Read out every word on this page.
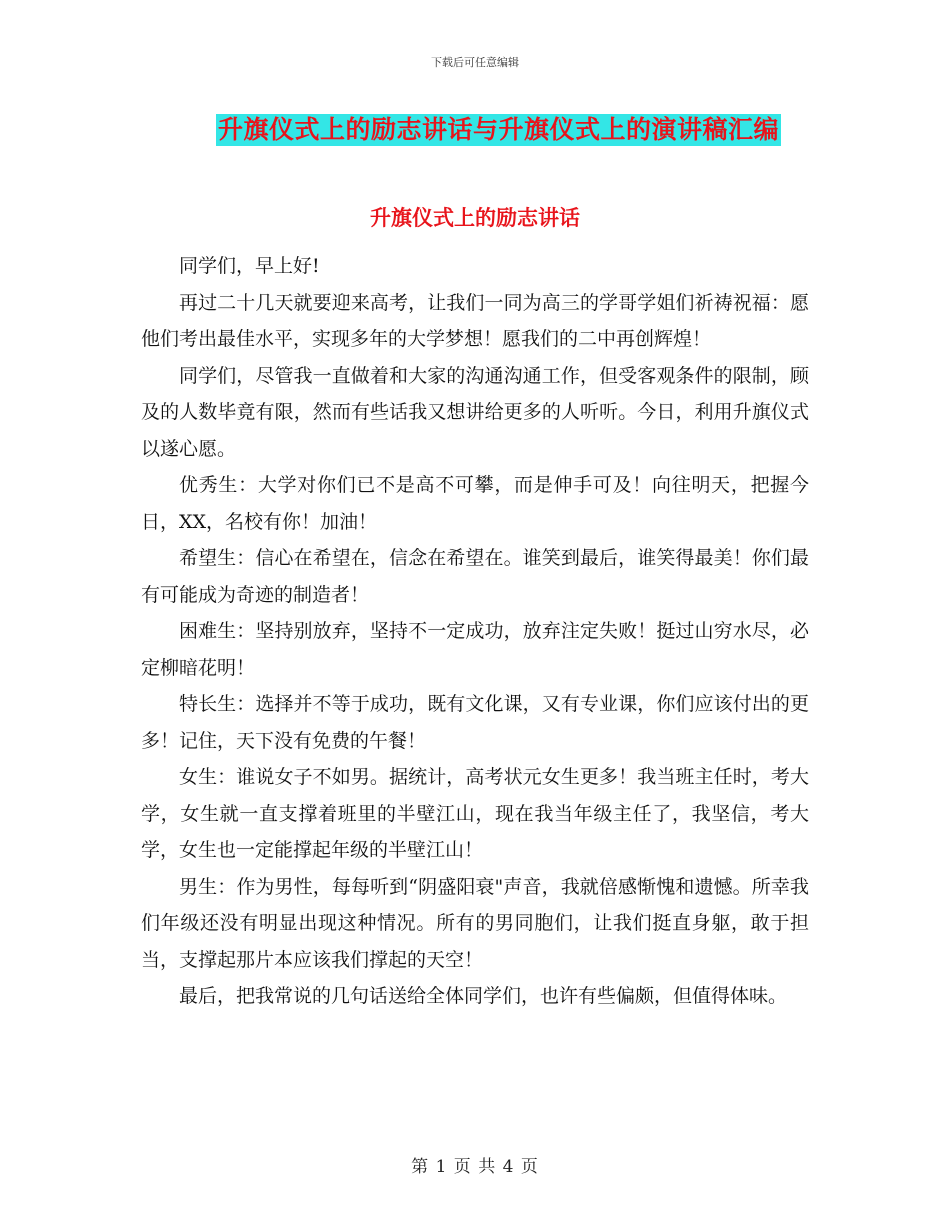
下载后可任意编辑
升旗仪式上的励志讲话与升旗仪式上的演讲稿汇编
升旗仪式上的励志讲话

同学们，早上好!

再过二十几天就要迎来高考，让我们一同为高三的学哥学姐们祈祷祝福：愿他们考出最佳水平，实现多年的大学梦想！愿我们的二中再创辉煌！

同学们，尽管我一直做着和大家的沟通沟通工作，但受客观条件的限制，顾及的人数毕竟有限，然而有些话我又想讲给更多的人听听。今日，利用升旗仪式以遂心愿。

优秀生：大学对你们已不是高不可攀，而是伸手可及！向往明天，把握今日，XX，名校有你！加油！

希望生：信心在希望在，信念在希望在。谁笑到最后，谁笑得最美！你们最有可能成为奇迹的制造者！

困难生：坚持别放弃，坚持不一定成功，放弃注定失败！挺过山穷水尽，必定柳暗花明！

特长生：选择并不等于成功，既有文化课，又有专业课，你们应该付出的更多！记住，天下没有免费的午餐！

女生：谁说女子不如男。据统计，高考状元女生更多！我当班主任时，考大学，女生就一直支撑着班里的半壁江山，现在我当年级主任了，我坚信，考大学，女生也一定能撑起年级的半壁江山！

男生：作为男性，每每听到“阴盛阳衰"声音，我就倍感惭愧和遗憾。所幸我们年级还没有明显出现这种情况。所有的男同胞们，让我们挺直身躯，敢于担当，支撑起那片本应该我们撑起的天空！

最后，把我常说的几句话送给全体同学们，也许有些偏颇，但值得体味。

第 1 页 共 4 页
